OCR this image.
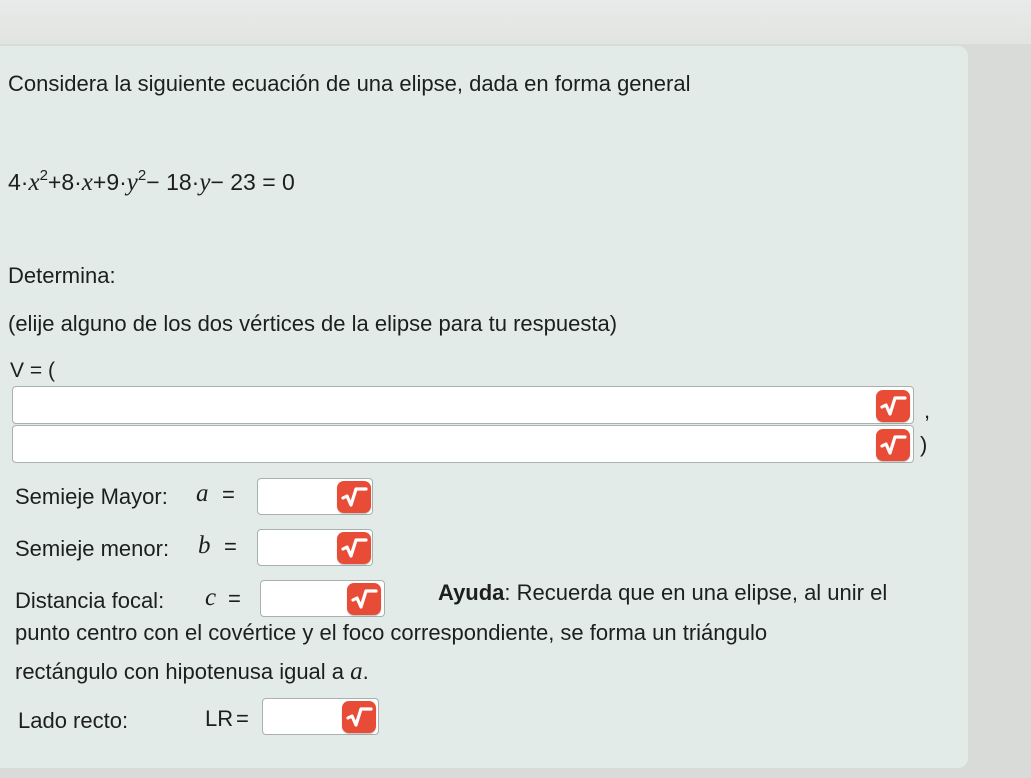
Considera la siguiente ecuación de una elipse, dada en forma general
$4\cdot x^2+8\cdot x+9\cdot y^2- 18\cdot y- 23 = 0$
Determina:
(elije alguno de los dos vértices de la elipse para tu respuesta)
V = (
,
)
Semieje Mayor: a =
Semieje menor: b =
Distancia focal: c =	Ayuda: Recuerda que en una elipse, al unir el
punto centro con el covértice y el foco correspondiente, se forma un triángulo
rectángulo con hipotenusa igual a a.
Lado recto:	LR =
